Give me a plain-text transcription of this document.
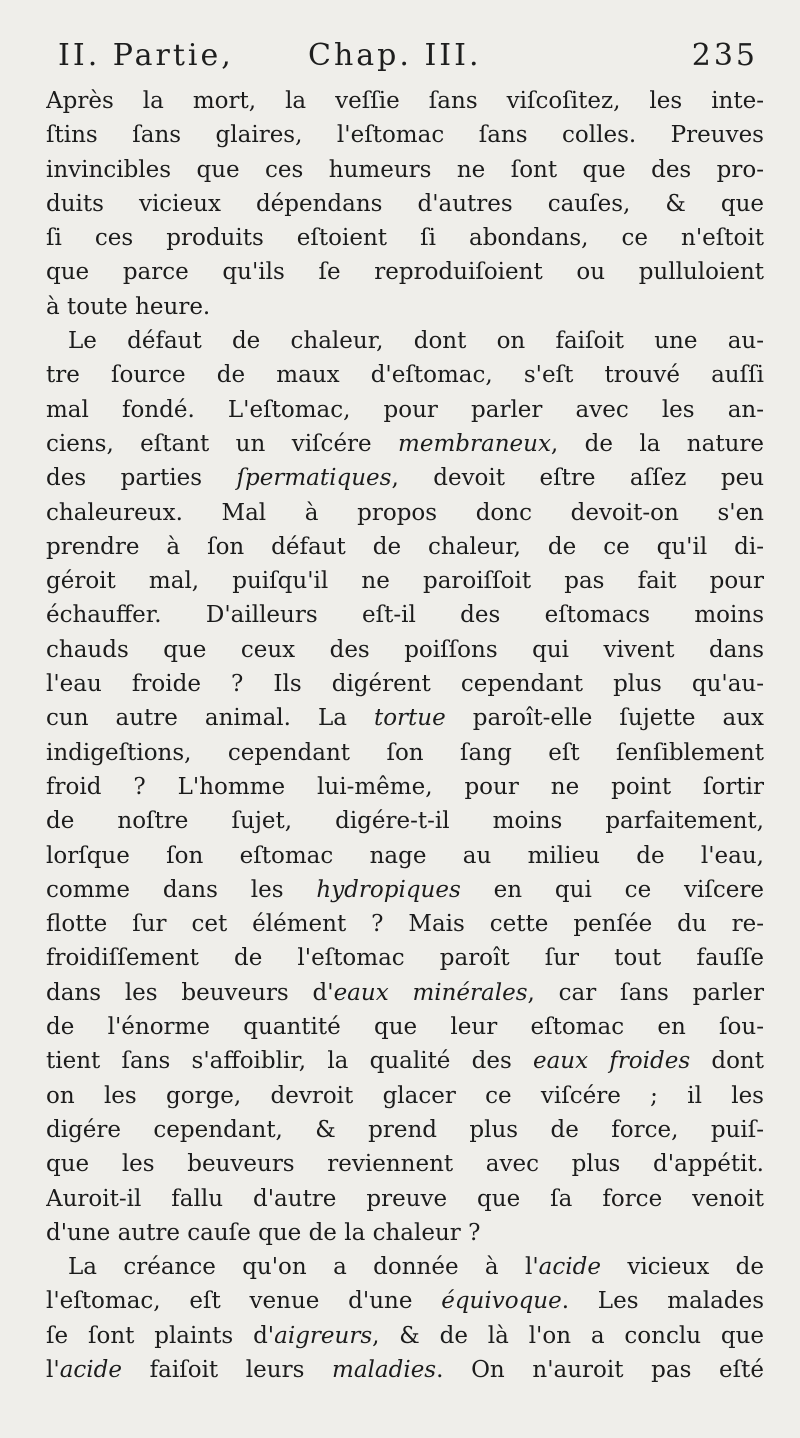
II. Partie, Chap. III.	235
Après la mort, la veſſie ſans viſcoſitez, les inte-
ſtins ſans glaires, l'eſtomac ſans colles. Preuves
invincibles que ces humeurs ne ſont que des pro-
duits vicieux dépendans d'autres cauſes, & que
ſi ces produits eſtoient ſi abondans, ce n'eſtoit
que parce qu'ils ſe reproduiſoient ou pulluloient
à toute heure.
Le défaut de chaleur, dont on faiſoit une au-
tre ſource de maux d'eſtomac, s'eſt trouvé auſſi
mal fondé. L'eſtomac, pour parler avec les an-
ciens, eſtant un viſcére membraneux, de la nature
des parties ſpermatiques, devoit eſtre aſſez peu
chaleureux. Mal à propos donc devoit-on s'en
prendre à ſon défaut de chaleur, de ce qu'il di-
géroit mal, puiſqu'il ne paroiſſoit pas fait pour
échauffer. D'ailleurs eſt-il des eſtomacs moins
chauds que ceux des poiſſons qui vivent dans
l'eau froide ? Ils digérent cependant plus qu'au-
cun autre animal. La tortue paroît-elle ſujette aux
indigeſtions, cependant ſon ſang eſt ſenſiblement
froid ? L'homme lui-même, pour ne point ſortir
de noſtre ſujet, digére-t-il moins parfaitement,
lorſque ſon eſtomac nage au milieu de l'eau,
comme dans les hydropiques en qui ce viſcere
flotte ſur cet élément ? Mais cette penſée du re-
froidiſſement de l'eſtomac paroît ſur tout fauſſe
dans les beuveurs d'eaux minérales, car ſans parler
de l'énorme quantité que leur eſtomac en ſou-
tient ſans s'affoiblir, la qualité des eaux froides dont
on les gorge, devroit glacer ce viſcére ; il les
digére cependant, & prend plus de force, puiſ-
que les beuveurs reviennent avec plus d'appétit.
Auroit-il fallu d'autre preuve que ſa force venoit
d'une autre cauſe que de la chaleur ?
La créance qu'on a donnée à l'acide vicieux de
l'eſtomac, eſt venue d'une équivoque. Les malades
ſe ſont plaints d'aigreurs, & de là l'on a conclu que
l'acide faiſoit leurs maladies. On n'auroit pas eſté
